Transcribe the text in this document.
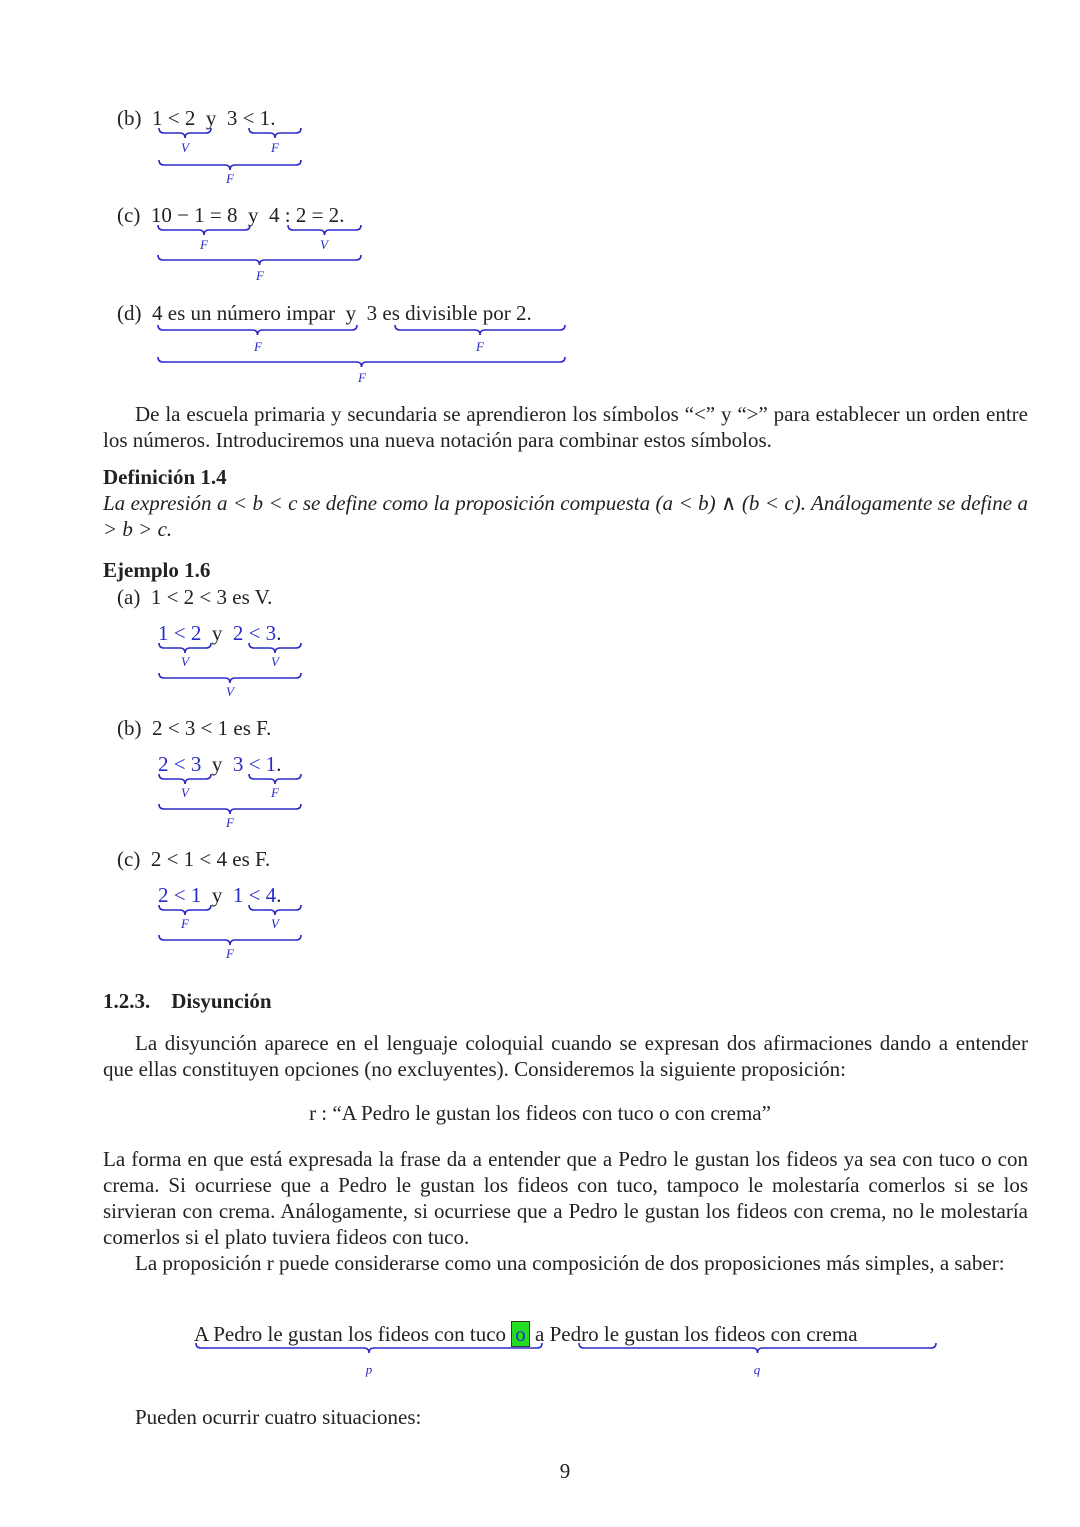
(b) 1 < 2 y 3 < 1.
V	F
F
(c) 10 − 1 = 8 y 4 : 2 = 2.
F	V
F
(d) 4 es un número impar y 3 es divisible por 2.
F	F
F
De la escuela primaria y secundaria se aprendieron los símbolos “<” y “>” para establecer un orden entre los números. Introduciremos una nueva notación para combinar estos símbolos.
Definición 1.4
La expresión a < b < c se define como la proposición compuesta (a < b) ∧ (b < c). Análogamente se define a > b > c.
Ejemplo 1.6
(a) 1 < 2 < 3 es V.
1 < 2 y 2 < 3.
V	V
V
(b) 2 < 3 < 1 es F.
2 < 3 y 3 < 1.
V	F
F
(c) 2 < 1 < 4 es F.
2 < 1 y 1 < 4.
F	V
F
1.2.3. Disyunción
La disyunción aparece en el lenguaje coloquial cuando se expresan dos afirmaciones dando a entender que ellas constituyen opciones (no excluyentes). Consideremos la siguiente proposición:
r : “A Pedro le gustan los fideos con tuco o con crema”
La forma en que está expresada la frase da a entender que a Pedro le gustan los fideos ya sea con tuco o con crema. Si ocurriese que a Pedro le gustan los fideos con tuco, tampoco le molestaría comerlos si se los sirvieran con crema. Análogamente, si ocurriese que a Pedro le gustan los fideos con crema, no le molestaría comerlos si el plato tuviera fideos con tuco.
La proposición r puede considerarse como una composición de dos proposiciones más simples, a saber:
A Pedro le gustan los fideos con tuco o a Pedro le gustan los fideos con crema
p	q
Pueden ocurrir cuatro situaciones:
9
